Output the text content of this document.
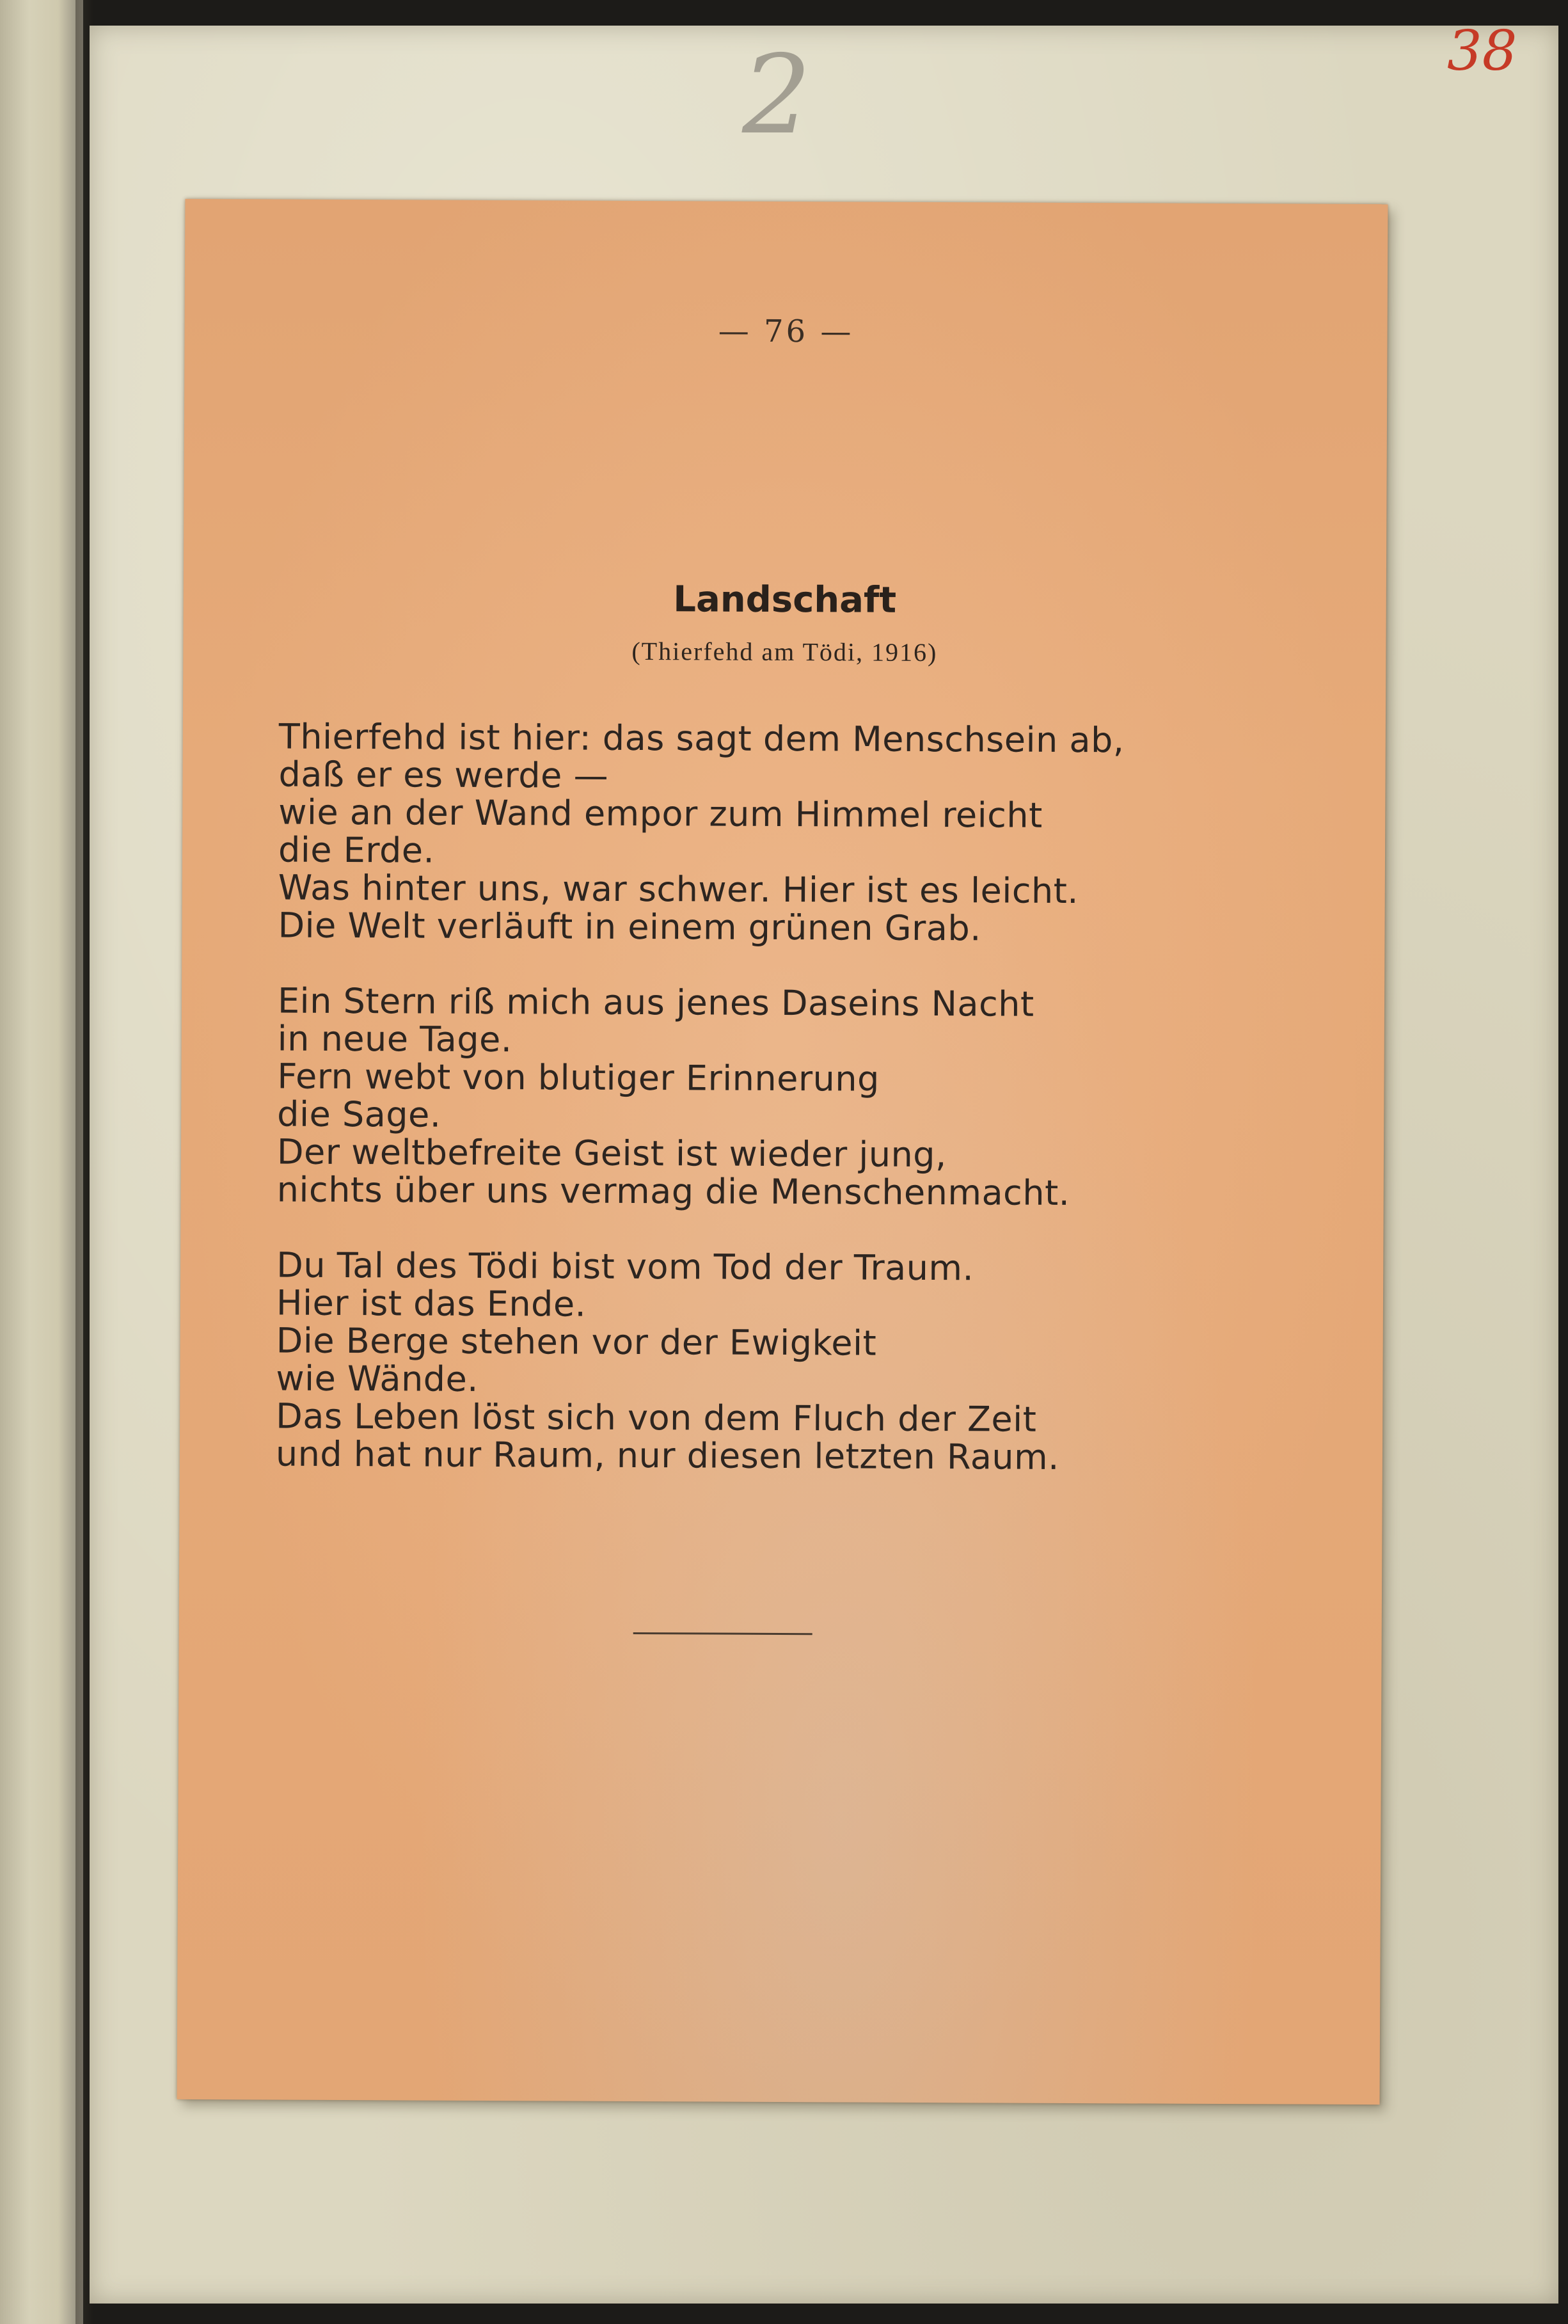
2	38
— 76 —
Landschaft
(Thierfehd am Tödi, 1916)
Thierfehd ist hier: das sagt dem Menschsein ab,
daß er es werde —
wie an der Wand empor zum Himmel reicht
die Erde.
Was hinter uns, war schwer. Hier ist es leicht.
Die Welt verläuft in einem grünen Grab.
Ein Stern riß mich aus jenes Daseins Nacht
in neue Tage.
Fern webt von blutiger Erinnerung
die Sage.
Der weltbefreite Geist ist wieder jung,
nichts über uns vermag die Menschenmacht.
Du Tal des Tödi bist vom Tod der Traum.
Hier ist das Ende.
Die Berge stehen vor der Ewigkeit
wie Wände.
Das Leben löst sich von dem Fluch der Zeit
und hat nur Raum, nur diesen letzten Raum.
